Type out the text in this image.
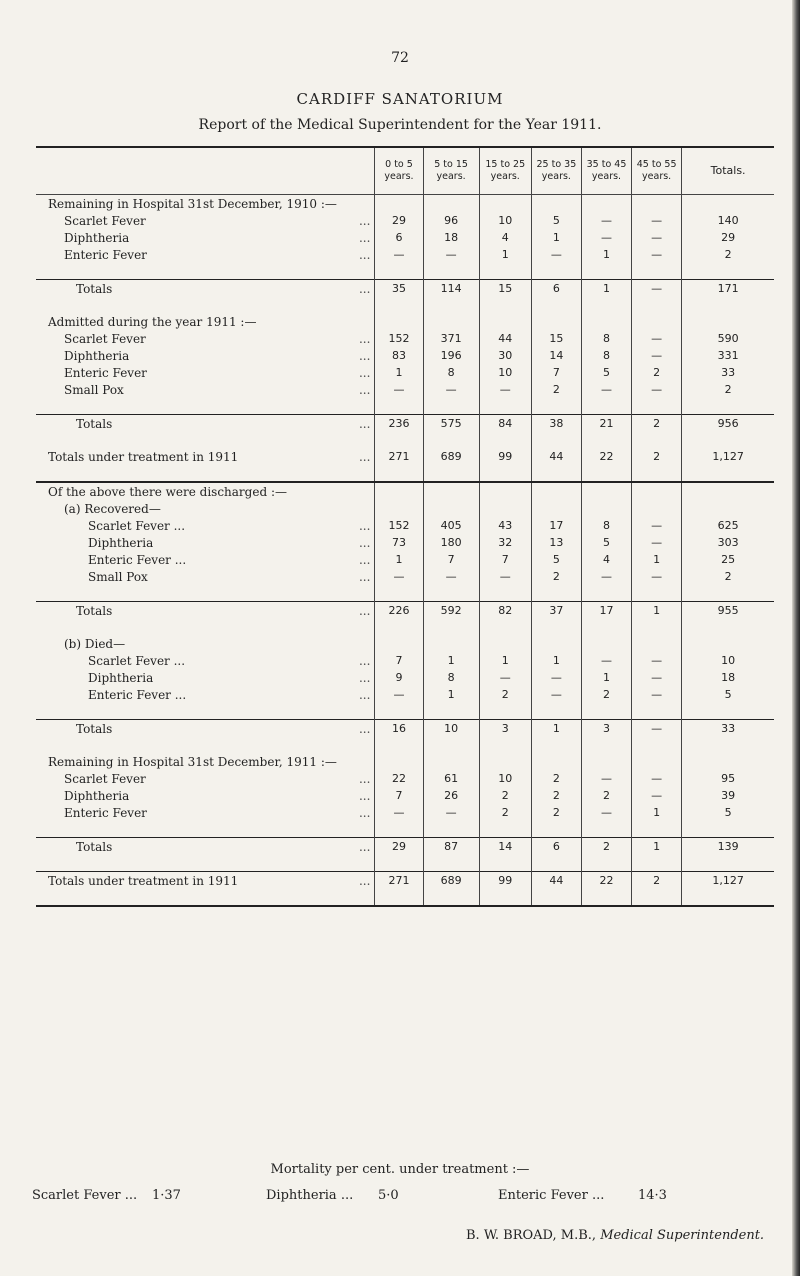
72
CARDIFF SANATORIUM
Report of the Medical Superintendent for the Year 1911.
	0 to 5 years.	5 to 15 years.	15 to 25 years.	25 to 35 years.	35 to 45 years.	45 to 55 years.	Totals.
Remaining in Hospital 31st December, 1910 :—							
Scarlet Fever ...	29	96	10	5	—	—	140
Diphtheria ...	6	18	4	1	—	—	29
Enteric Fever ...	—	—	1	—	1	—	2

Totals ...	35	114	15	6	1	—	171

Admitted during the year 1911 :—							
Scarlet Fever ...	152	371	44	15	8	—	590
Diphtheria ...	83	196	30	14	8	—	331
Enteric Fever ...	1	8	10	7	5	2	33
Small Pox ...	—	—	—	2	—	—	2

Totals ...	236	575	84	38	21	2	956

Totals under treatment in 1911 ...	271	689	99	44	22	2	1,127

Of the above there were discharged :—							
(a) Recovered—							
Scarlet Fever ... ...	152	405	43	17	8	—	625
Diphtheria ...	73	180	32	13	5	—	303
Enteric Fever ... ...	1	7	7	5	4	1	25
Small Pox ...	—	—	—	2	—	—	2

Totals ...	226	592	82	37	17	1	955

(b) Died—							
Scarlet Fever ... ...	7	1	1	1	—	—	10
Diphtheria ...	9	8	—	—	1	—	18
Enteric Fever ... ...	—	1	2	—	2	—	5

Totals ...	16	10	3	1	3	—	33

Remaining in Hospital 31st December, 1911 :—							
Scarlet Fever ...	22	61	10	2	—	—	95
Diphtheria ...	7	26	2	2	2	—	39
Enteric Fever ...	—	—	2	2	—	1	5

Totals ...	29	87	14	6	2	1	139

Totals under treatment in 1911 ...	271	689	99	44	22	2	1,127

Mortality per cent. under treatment :—
Scarlet Fever ... 1·37	Diphtheria ... 5·0	Enteric Fever ...	14·3
B. W. BROAD, M.B., Medical Superintendent.
